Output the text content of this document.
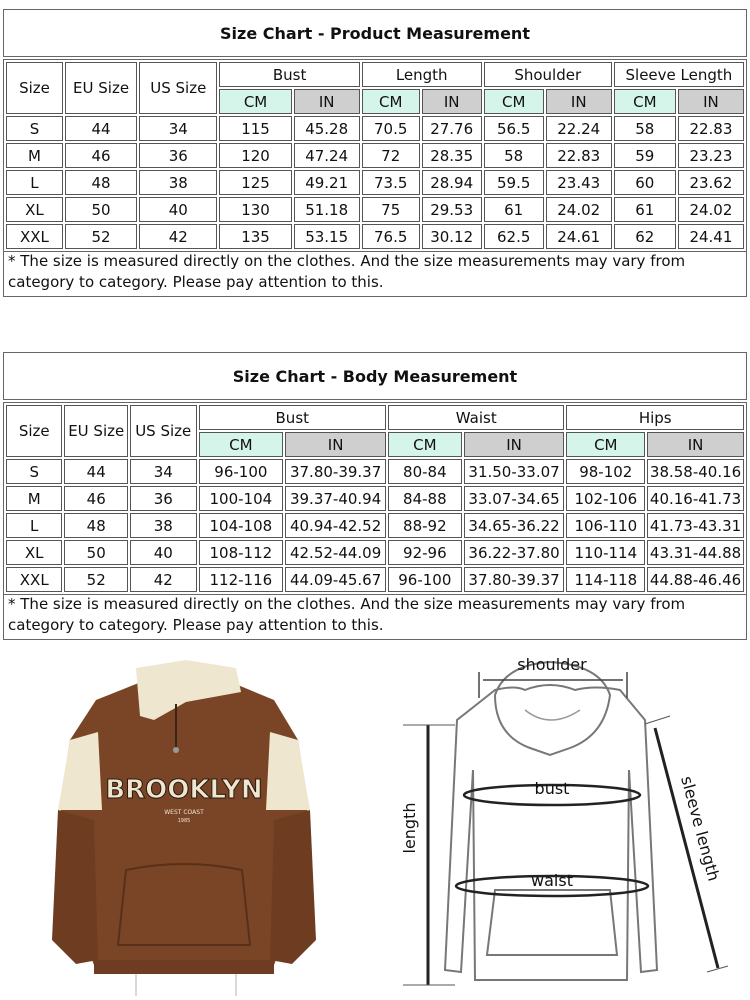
Size Chart - Product Measurement
Size	EU Size	US Size	Bust		Length		Shoulder		Sleeve Length	
			CM	IN	CM	IN	CM	IN	CM	IN
S	44	34	115	45.28	70.5	27.76	56.5	22.24	58	22.83
M	46	36	120	47.24	72	28.35	58	22.83	59	23.23
L	48	38	125	49.21	73.5	28.94	59.5	23.43	60	23.62
XL	50	40	130	51.18	75	29.53	61	24.02	61	24.02
XXL	52	42	135	53.15	76.5	30.12	62.5	24.61	62	24.41
* The size is measured directly on the clothes. And the size measurements may vary from category to category. Please pay attention to this.
Size Chart - Body Measurement
Size	EU Size	US Size	Bust		Waist		Hips	
			CM	IN	CM	IN	CM	IN
S	44	34	96-100	37.80-39.37	80-84	31.50-33.07	98-102	38.58-40.16
M	46	36	100-104	39.37-40.94	84-88	33.07-34.65	102-106	40.16-41.73
L	48	38	104-108	40.94-42.52	88-92	34.65-36.22	106-110	41.73-43.31
XL	50	40	108-112	42.52-44.09	92-96	36.22-37.80	110-114	43.31-44.88
XXL	52	42	112-116	44.09-45.67	96-100	37.80-39.37	114-118	44.88-46.46
* The size is measured directly on the clothes. And the size measurements may vary from category to category. Please pay attention to this.
BROOKLYN
WEST COAST
1985
shoulder
bust
waist
length	sleeve length
